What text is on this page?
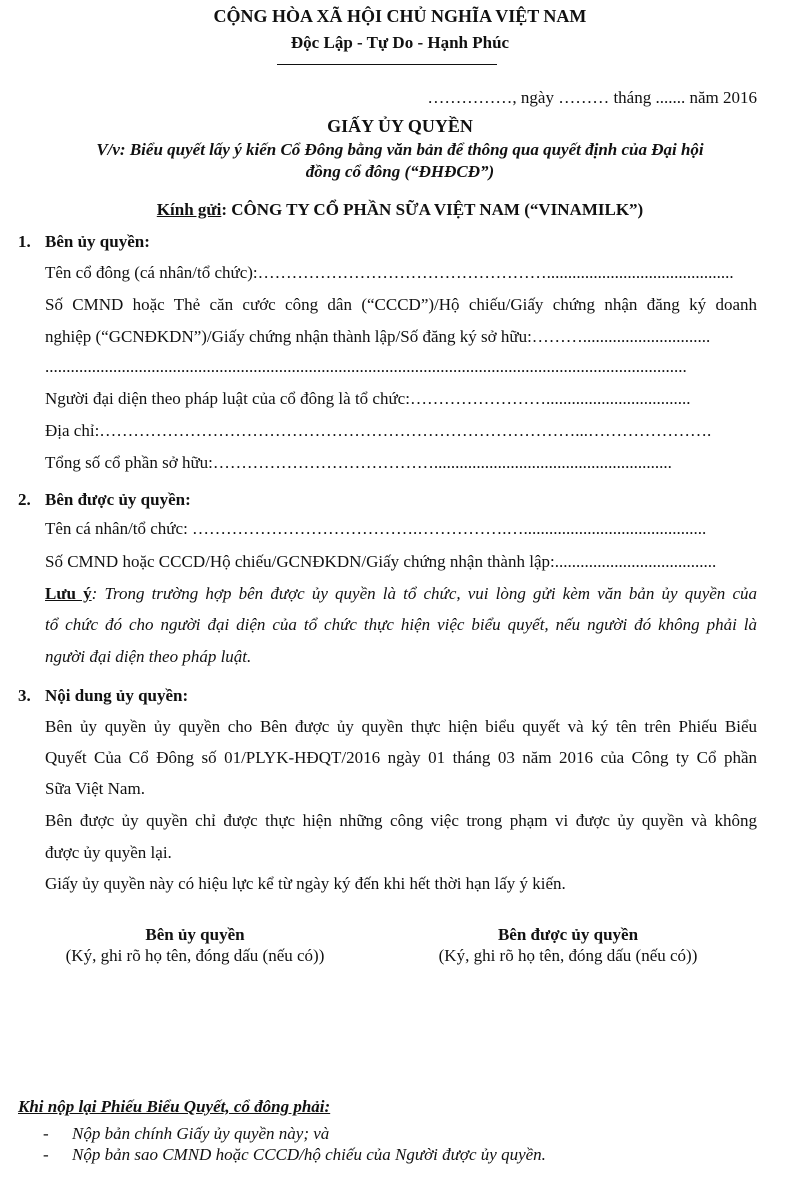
CỘNG HÒA XÃ HỘI CHỦ NGHĨA VIỆT NAM
Độc Lập - Tự Do - Hạnh Phúc
……………, ngày ……… tháng ....... năm 2016
GIẤY ỦY QUYỀN
V/v: Biểu quyết lấy ý kiến Cổ Đông bằng văn bản để thông qua quyết định của Đại hội
đồng cổ đông (“ĐHĐCĐ”)
Kính gửi: CÔNG TY CỔ PHẦN SỮA VIỆT NAM (“VINAMILK”)
1. Bên ủy quyền:
Tên cổ đông (cá nhân/tổ chức):……………………………………………............................................
Số CMND hoặc Thẻ căn cước công dân (“CCCD”)/Hộ chiếu/Giấy chứng nhận đăng ký doanh
nghiệp (“GCNĐKDN”)/Giấy chứng nhận thành lập/Số đăng ký sở hữu:………..............................
.......................................................................................................................................................
Người đại diện theo pháp luật của cổ đông là tổ chức:……………………..................................
Địa chỉ:…………………………………………………………………………...………………….
Tổng số cổ phần sở hữu:…………………………………........................................................
2. Bên được ủy quyền:
Tên cá nhân/tổ chức: ………………………………….…………….…...........................................
Số CMND hoặc CCCD/Hộ chiếu/GCNĐKDN/Giấy chứng nhận thành lập:......................................
Lưu ý: Trong trường hợp bên được ủy quyền là tổ chức, vui lòng gửi kèm văn bản ủy quyền của
tổ chức đó cho người đại diện của tổ chức thực hiện việc biểu quyết, nếu người đó không phải là
người đại diện theo pháp luật.
3. Nội dung ủy quyền:
Bên ủy quyền ủy quyền cho Bên được ủy quyền thực hiện biểu quyết và ký tên trên Phiếu Biểu
Quyết Của Cổ Đông số 01/PLYK-HĐQT/2016 ngày 01 tháng 03 năm 2016 của Công ty Cổ phần
Sữa Việt Nam.
Bên được ủy quyền chỉ được thực hiện những công việc trong phạm vi được ủy quyền và không
được ủy quyền lại.
Giấy ủy quyền này có hiệu lực kể từ ngày ký đến khi hết thời hạn lấy ý kiến.
Bên ủy quyền
(Ký, ghi rõ họ tên, đóng dấu (nếu có))
Bên được ủy quyền
(Ký, ghi rõ họ tên, đóng dấu (nếu có))
Khi nộp lại Phiếu Biểu Quyết, cổ đông phải:
- Nộp bản chính Giấy ủy quyền này; và
- Nộp bản sao CMND hoặc CCCD/hộ chiếu của Người được ủy quyền.
